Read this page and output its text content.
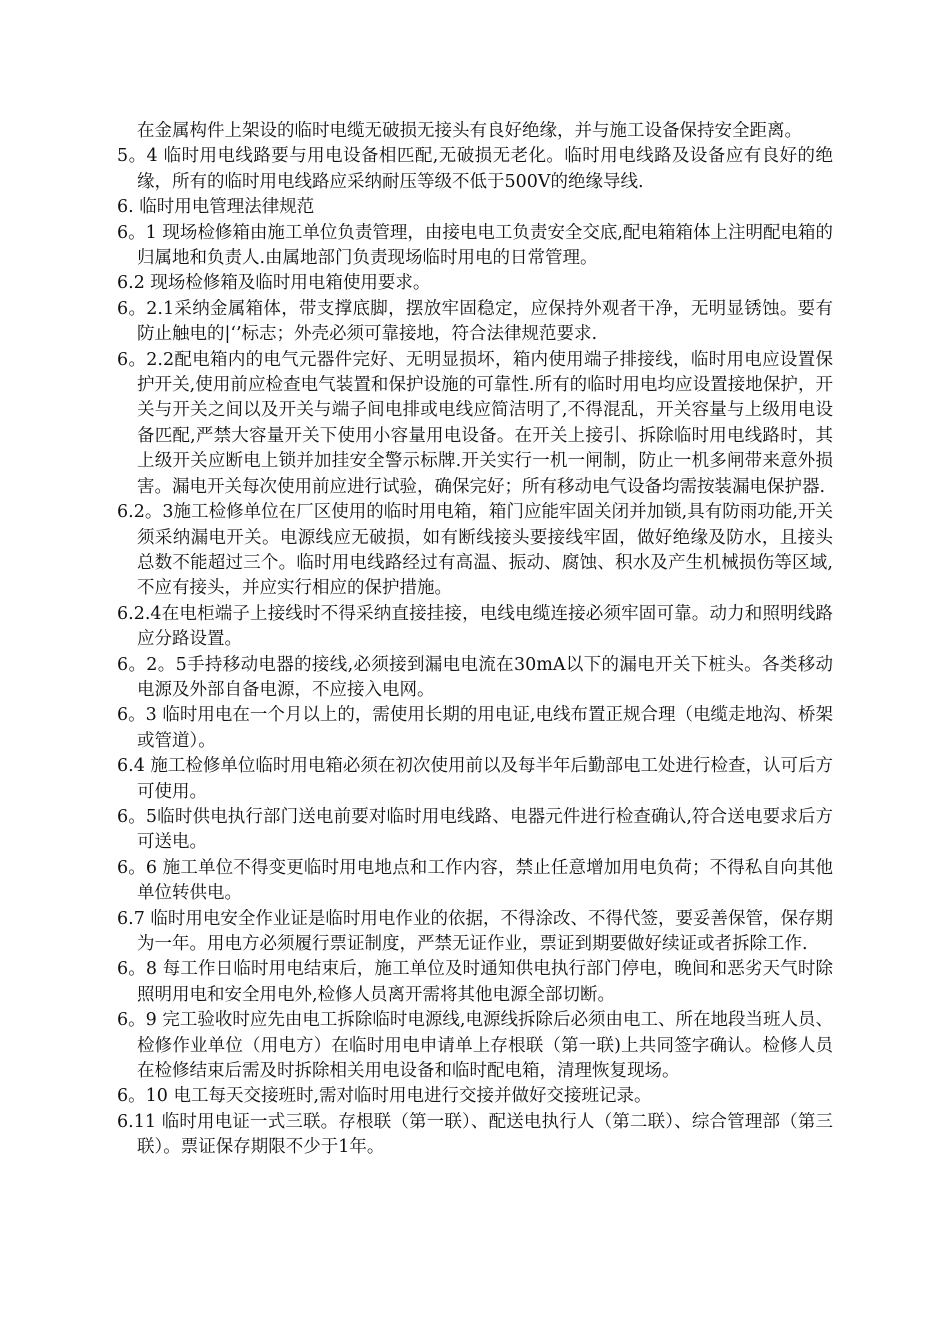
在金属构件上架设的临时电缆无破损无接头有良好绝缘，并与施工设备保持安全距离。

5。4 临时用电线路要与用电设备相匹配,无破损无老化。临时用电线路及设备应有良好的绝缘，所有的临时用电线路应采纳耐压等级不低于500V的绝缘导线.

6. 临时用电管理法律规范

6。1 现场检修箱由施工单位负责管理，由接电电工负责安全交底,配电箱箱体上注明配电箱的归属地和负责人.由属地部门负责现场临时用电的日常管理。

6.2 现场检修箱及临时用电箱使用要求。

6。2.1采纳金属箱体，带支撑底脚，摆放牢固稳定，应保持外观者干净，无明显锈蚀。要有防止触电的|‘’标志；外壳必须可靠接地，符合法律规范要求.

6。2.2配电箱内的电气元器件完好、无明显损坏，箱内使用端子排接线，临时用电应设置保护开关,使用前应检查电气装置和保护设施的可靠性.所有的临时用电均应设置接地保护，开关与开关之间以及开关与端子间电排或电线应简洁明了,不得混乱，开关容量与上级用电设备匹配,严禁大容量开关下使用小容量用电设备。在开关上接引、拆除临时用电线路时，其上级开关应断电上锁并加挂安全警示标牌.开关实行一机一闸制，防止一机多闸带来意外损害。漏电开关每次使用前应进行试验，确保完好；所有移动电气设备均需按装漏电保护器.

6.2。3施工检修单位在厂区使用的临时用电箱，箱门应能牢固关闭并加锁,具有防雨功能,开关须采纳漏电开关。电源线应无破损，如有断线接头要接线牢固，做好绝缘及防水，且接头总数不能超过三个。临时用电线路经过有高温、振动、腐蚀、积水及产生机械损伤等区域,不应有接头，并应实行相应的保护措施。

6.2.4在电柜端子上接线时不得采纳直接挂接，电线电缆连接必须牢固可靠。动力和照明线路应分路设置。

6。2。5手持移动电器的接线,必须接到漏电电流在30mA以下的漏电开关下桩头。各类移动电源及外部自备电源，不应接入电网。

6。3 临时用电在一个月以上的，需使用长期的用电证,电线布置正规合理（电缆走地沟、桥架或管道）。

6.4 施工检修单位临时用电箱必须在初次使用前以及每半年后勤部电工处进行检查，认可后方可使用。

6。5临时供电执行部门送电前要对临时用电线路、电器元件进行检查确认,符合送电要求后方可送电。

6。6 施工单位不得变更临时用电地点和工作内容，禁止任意增加用电负荷；不得私自向其他单位转供电。

6.7 临时用电安全作业证是临时用电作业的依据，不得涂改、不得代签，要妥善保管，保存期为一年。用电方必须履行票证制度，严禁无证作业，票证到期要做好续证或者拆除工作.

6。8 每工作日临时用电结束后，施工单位及时通知供电执行部门停电，晚间和恶劣天气时除照明用电和安全用电外,检修人员离开需将其他电源全部切断。

6。9 完工验收时应先由电工拆除临时电源线,电源线拆除后必须由电工、所在地段当班人员、检修作业单位（用电方）在临时用电申请单上存根联（第一联)上共同签字确认。检修人员在检修结束后需及时拆除相关用电设备和临时配电箱，清理恢复现场。

6。10 电工每天交接班时,需对临时用电进行交接并做好交接班记录。

6.11 临时用电证一式三联。存根联（第一联）、配送电执行人（第二联）、综合管理部（第三联）。票证保存期限不少于1年。
